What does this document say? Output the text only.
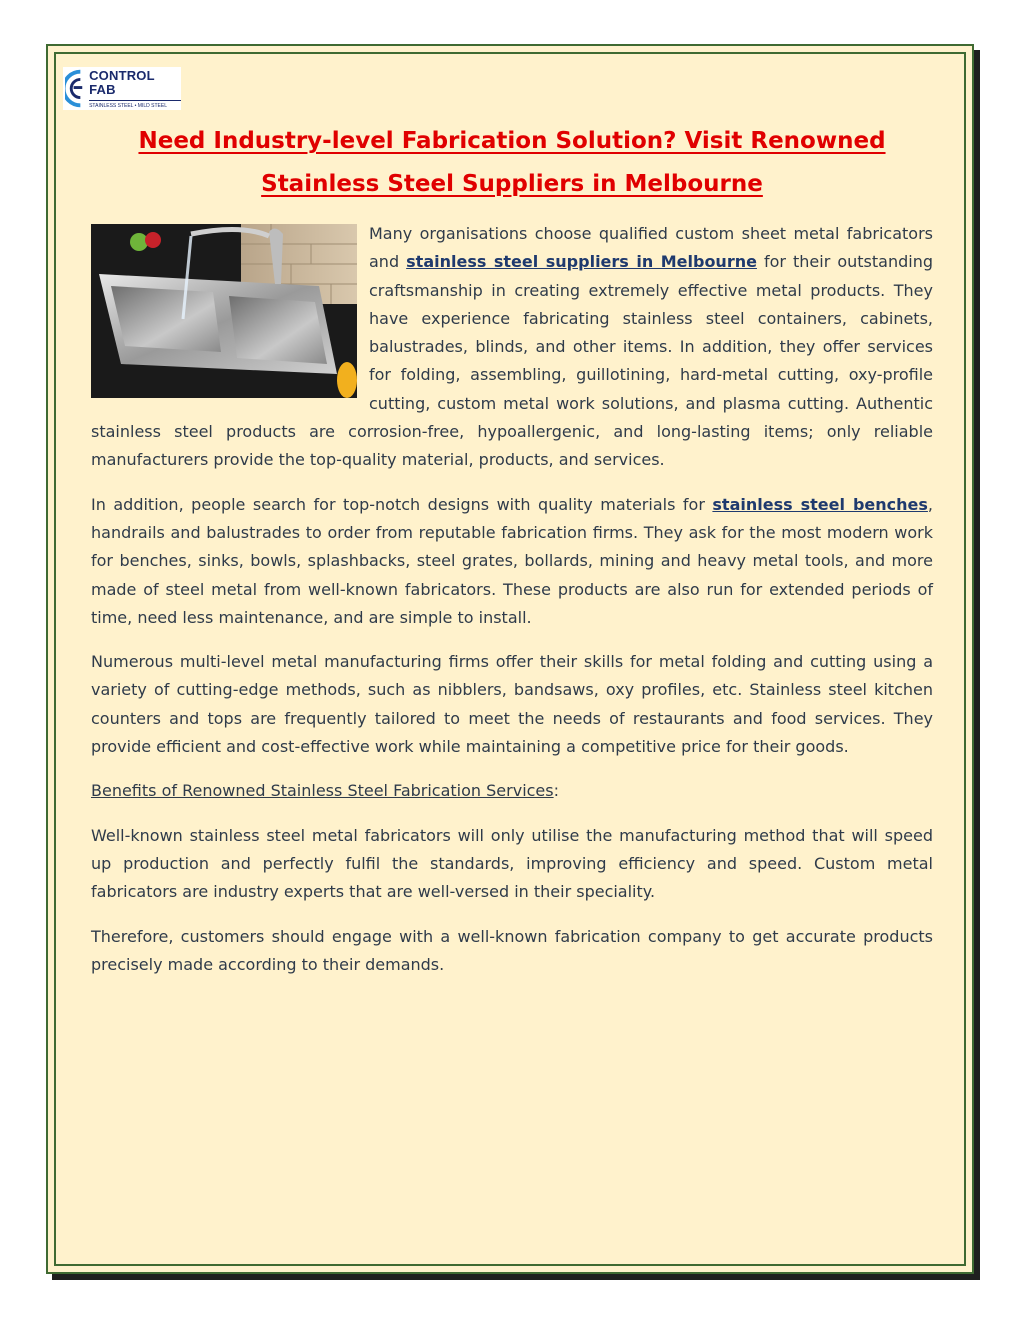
CONTROL FAB
STAINLESS STEEL • MILD STEEL
Need Industry-level Fabrication Solution? Visit Renowned Stainless Steel Suppliers in Melbourne

Many organisations choose qualified custom sheet metal fabricators and stainless steel suppliers in Melbourne for their outstanding craftsmanship in creating extremely effective metal products. They have experience fabricating stainless steel containers, cabinets, balustrades, blinds, and other items. In addition, they offer services for folding, assembling, guillotining, hard-metal cutting, oxy-profile cutting, custom metal work solutions, and plasma cutting. Authentic stainless steel products are corrosion-free, hypoallergenic, and long-lasting items; only reliable manufacturers provide the top-quality material, products, and services.

In addition, people search for top-notch designs with quality materials for stainless steel benches, handrails and balustrades to order from reputable fabrication firms. They ask for the most modern work for benches, sinks, bowls, splashbacks, steel grates, bollards, mining and heavy metal tools, and more made of steel metal from well-known fabricators. These products are also run for extended periods of time, need less maintenance, and are simple to install.

Numerous multi-level metal manufacturing firms offer their skills for metal folding and cutting using a variety of cutting-edge methods, such as nibblers, bandsaws, oxy profiles, etc. Stainless steel kitchen counters and tops are frequently tailored to meet the needs of restaurants and food services. They provide efficient and cost-effective work while maintaining a competitive price for their goods.

Benefits of Renowned Stainless Steel Fabrication Services:

Well-known stainless steel metal fabricators will only utilise the manufacturing method that will speed up production and perfectly fulfil the standards, improving efficiency and speed. Custom metal fabricators are industry experts that are well-versed in their speciality.

Therefore, customers should engage with a well-known fabrication company to get accurate products precisely made according to their demands.
